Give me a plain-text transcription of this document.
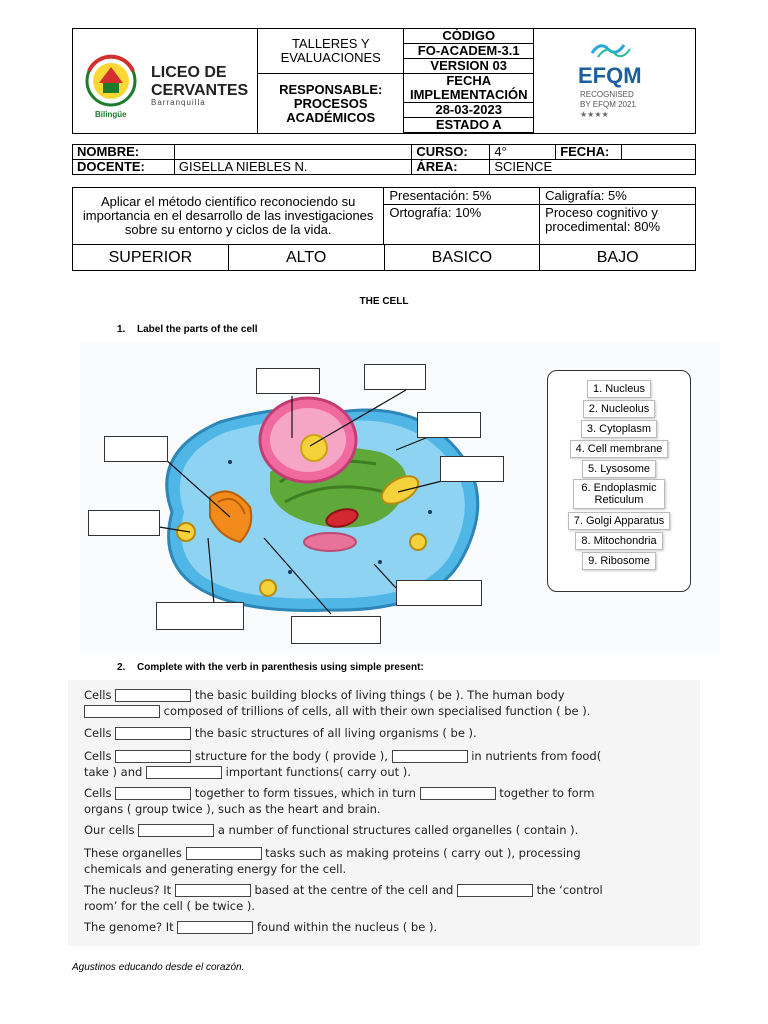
LICEO DE
CERVANTES
Barranquilla
Bilingüe	TALLERES Y EVALUACIONES	CÓDIGO	EFQM
RECOGNISED
BY EFQM 2021
★★★★

		FO-ACADEM-3.1	
		VERSION 03	
	RESPONSABLE: PROCESOS ACADÉMICOS	FECHA IMPLEMENTACIÓN	
		28-03-2023	
		ESTADO A	

NOMBRE:		CURSO:	4°	FECHA:	
DOCENTE:	GISELLA NIEBLES N.	ÁREA:	SCIENCE		
Aplicar el método científico reconociendo su importancia en el desarrollo de las investigaciones sobre su entorno y ciclos de la vida.	Presentación: 5%	Caligrafía: 5%
	Ortografía: 10%	Proceso cognitivo y procedimental: 80%
SUPERIOR	ALTO	BASICO	BAJO
THE CELL
1. Label the parts of the cell
1. Nucleus
2. Nucleolus
3. Cytoplasm
4. Cell membrane
5. Lysosome
6. Endoplasmic Reticulum
7. Golgi Apparatus
8. Mitochondria
9. Ribosome
2. Complete with the verb in parenthesis using simple present:
Cells	the basic building blocks of living things ( be ). The human body
composed of trillions of cells, all with their own specialised function ( be ).
Cells	the basic structures of all living organisms ( be ).
Cells	structure for the body ( provide ),	in nutrients from food(
take ) and	important functions( carry out ).
Cells	together to form tissues, which in turn	together to form
organs ( group twice ), such as the heart and brain.
Our cells	a number of functional structures called organelles ( contain ).
These organelles	tasks such as making proteins ( carry out ), processing
chemicals and generating energy for the cell.
The nucleus? It	based at the centre of the cell and	the ‘control
room’ for the cell ( be twice ).
The genome? It	found within the nucleus ( be ).
Agustinos educando desde el corazón.
